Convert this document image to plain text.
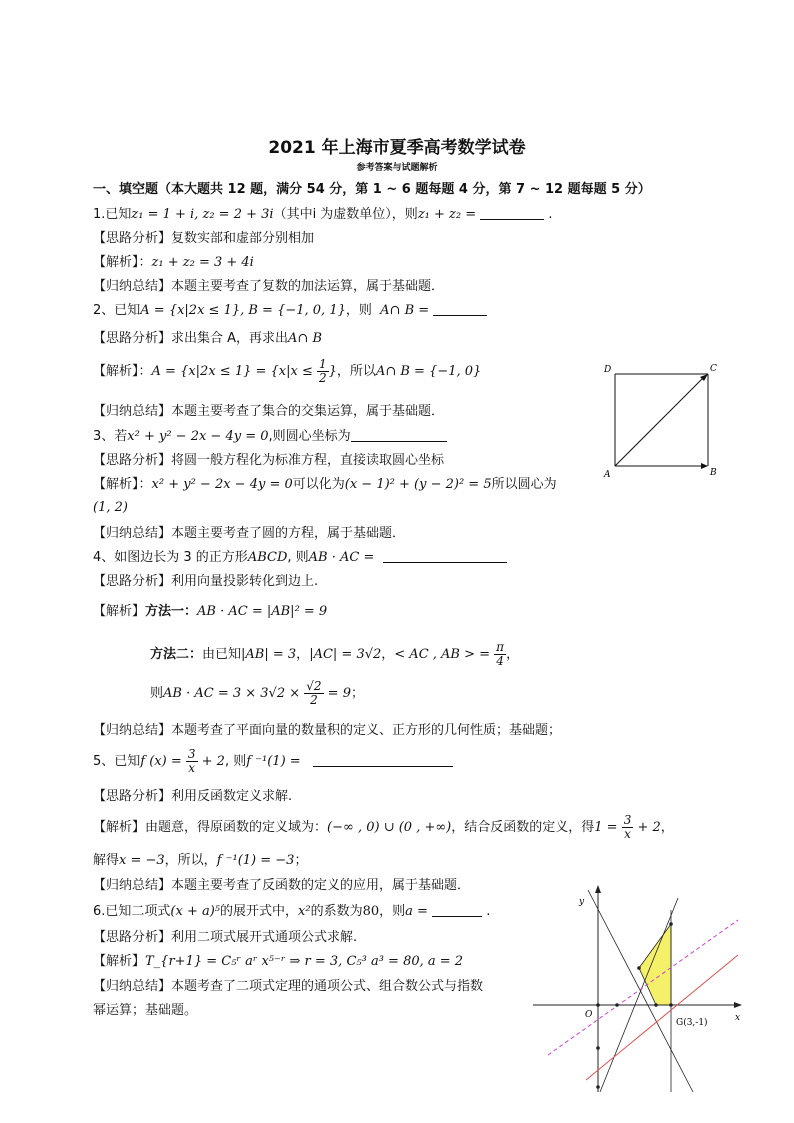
2021 年上海市夏季高考数学试卷
参考答案与试题解析
一、填空题（本大题共 12 题，满分 54 分，第 1 ~ 6 题每题 4 分，第 7 ~ 12 题每题 5 分）
1.已知z₁ = 1 + i, z₂ = 2 + 3i（其中i 为虚数单位），则z₁ + z₂ =	.
【思路分析】复数实部和虚部分别相加
【解析】：z₁ + z₂ = 3 + 4i
【归纳总结】本题主要考查了复数的加法运算，属于基础题．
2、已知A = {x|2x ≤ 1}, B = {−1, 0, 1}，则 A∩ B =
【思路分析】求出集合 A，再求出A∩ B
【解析】：$A = \{x|2x \le 1\} = \{x|x \le \frac{1}{2}$ }，所以A∩ B = {−1, 0}
【归纳总结】本题主要考查了集合的交集运算，属于基础题．
D	C
A	B
3、若x² + y² − 2x − 4y = 0,则圆心坐标为
【思路分析】将圆一般方程化为标准方程，直接读取圆心坐标
【解析】：x² + y² − 2x − 4y = 0可以化为(x − 1)² + (y − 2)² = 5所以圆心为
(1, 2)
【归纳总结】本题主要考查了圆的方程，属于基础题．
4、如图边长为 3 的正方形ABCD, 则AB · AC =
【思路分析】利用向量投影转化到边上.
【解析】方法一：AB · AC = |AB|² = 9
方法二：由已知|AB| = 3，|AC| = 3√2，< AC , AB > = $\frac{\pi}{4}$ ，
则AB · AC = $3 \times 3√2 \times \frac{√2}{2} = 9$；
【归纳总结】本题考查了平面向量的数量积的定义、正方形的几何性质；基础题；
5、已知f $(x) = \frac{3}{x} + 2$, 则f ⁻¹(1) =
【思路分析】利用反函数定义求解.
【解析】由题意，得原函数的定义域为：(−∞ , 0) ∪ (0 , +∞)，结合反函数的定义，得$1 = \frac{3}{x} + 2$，
解得x = −3，所以，f ⁻¹(1) = −3；
【归纳总结】本题主要考查了反函数的定义的应用，属于基础题．
6.已知二项式(x + a)⁵的展开式中，x²的系数为80，则a =	.
【思路分析】利用二项式展开式通项公式求解.
【解析】T_{r+1} = C₅ʳ aʳ x⁵⁻ʳ ⇒ r = 3, C₅³ a³ = 80, a = 2
【归纳总结】本题考查了二项式定理的通项公式、组合数公式与指数
幂运算；基础题。
y
x
O
G(3,-1)
